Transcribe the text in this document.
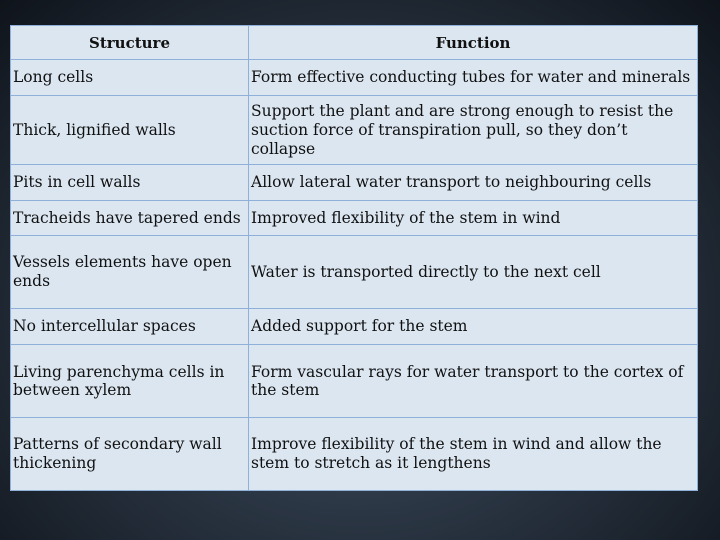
Structure	Function
Long cells	Form effective conducting tubes for water and minerals
Thick, lignified walls	Support the plant and are strong enough to resist the suction force of transpiration pull, so they don’t collapse
Pits in cell walls	Allow lateral water transport to neighbouring cells
Tracheids have tapered ends	Improved flexibility of the stem in wind
Vessels elements have open ends	Water is transported directly to the next cell
No intercellular spaces	Added support for the stem
Living parenchyma cells in between xylem	Form vascular rays for water transport to the cortex of the stem
Patterns of secondary wall thickening	Improve flexibility of the stem in wind and allow the stem to stretch as it lengthens
